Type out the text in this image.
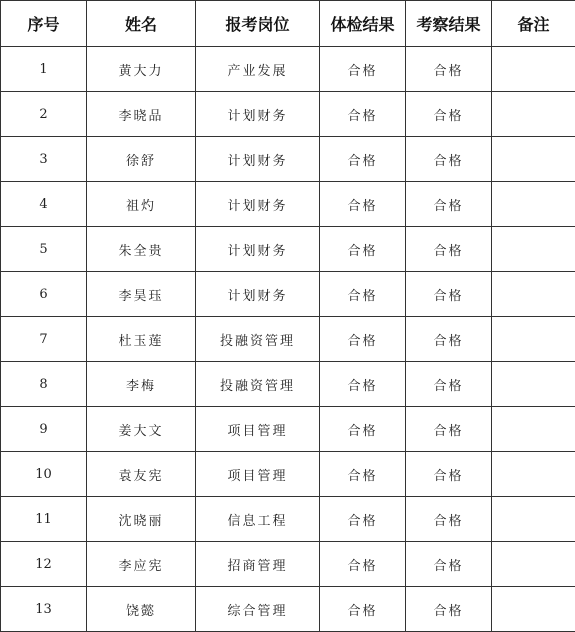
序号	姓名	报考岗位	体检结果	考察结果	备注
1	黄大力	产业发展	合格	合格	
2	李晓品	计划财务	合格	合格	
3	徐舒	计划财务	合格	合格	
4	祖灼	计划财务	合格	合格	
5	朱全贵	计划财务	合格	合格	
6	李昊珏	计划财务	合格	合格	
7	杜玉莲	投融资管理	合格	合格	
8	李梅	投融资管理	合格	合格	
9	姜大文	项目管理	合格	合格	
10	袁友宪	项目管理	合格	合格	
11	沈晓丽	信息工程	合格	合格	
12	李应宪	招商管理	合格	合格	
13	饶懿	综合管理	合格	合格	
